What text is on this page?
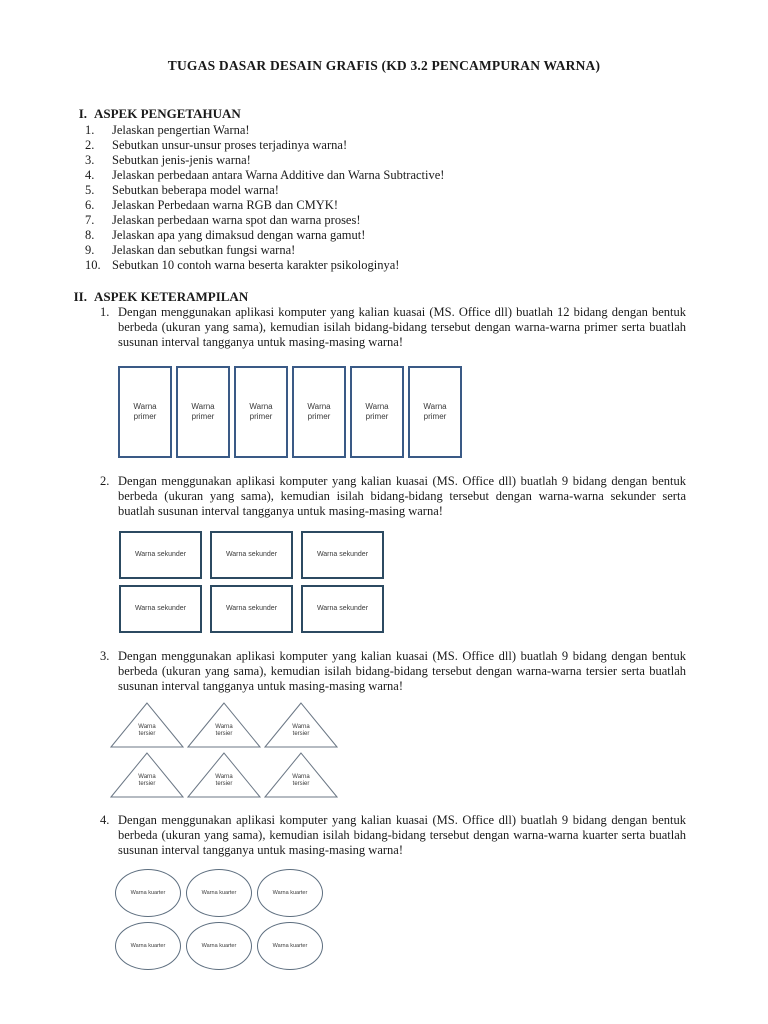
TUGAS DASAR DESAIN GRAFIS (KD 3.2 PENCAMPURAN WARNA)
I. ASPEK PENGETAHUAN
1.	Jelaskan pengertian Warna!
2.	Sebutkan unsur-unsur proses terjadinya warna!
3.	Sebutkan jenis-jenis warna!
4.	Jelaskan perbedaan antara Warna Additive dan Warna Subtractive!
5.	Sebutkan beberapa model warna!
6.	Jelaskan Perbedaan warna RGB dan CMYK!
7.	Jelaskan perbedaan warna spot dan warna proses!
8.	Jelaskan apa yang dimaksud dengan warna gamut!
9.	Jelaskan dan sebutkan fungsi warna!
10. Sebutkan 10 contoh warna beserta karakter psikologinya!
II. ASPEK KETERAMPILAN
1. Dengan menggunakan aplikasi komputer yang kalian kuasai (MS. Office dll) buatlah 12 bidang dengan bentuk berbeda (ukuran yang sama), kemudian isilah bidang-bidang tersebut dengan warna-warna primer serta buatlah susunan interval tangganya untuk masing-masing warna!
Warna primer
Warna primer
Warna primer
Warna primer
Warna primer
Warna primer
2. Dengan menggunakan aplikasi komputer yang kalian kuasai (MS. Office dll) buatlah 9 bidang dengan bentuk berbeda (ukuran yang sama), kemudian isilah bidang-bidang tersebut dengan warna-warna sekunder serta buatlah susunan interval tangganya untuk masing-masing warna!
Warna sekunder	Warna sekunder	Warna sekunder
Warna sekunder	Warna sekunder	Warna sekunder
3. Dengan menggunakan aplikasi komputer yang kalian kuasai (MS. Office dll) buatlah 9 bidang dengan bentuk berbeda (ukuran yang sama), kemudian isilah bidang-bidang tersebut dengan warna-warna tersier serta buatlah susunan interval tangganya untuk masing-masing warna!
Warna tersier
Warna tersier
Warna tersier
Warna tersier
Warna tersier
Warna tersier
4. Dengan menggunakan aplikasi komputer yang kalian kuasai (MS. Office dll) buatlah 9 bidang dengan bentuk berbeda (ukuran yang sama), kemudian isilah bidang-bidang tersebut dengan warna-warna kuarter serta buatlah susunan interval tangganya untuk masing-masing warna!
Warna kuarter	Warna kuarter	Warna kuarter
Warna kuarter	Warna kuarter	Warna kuarter
